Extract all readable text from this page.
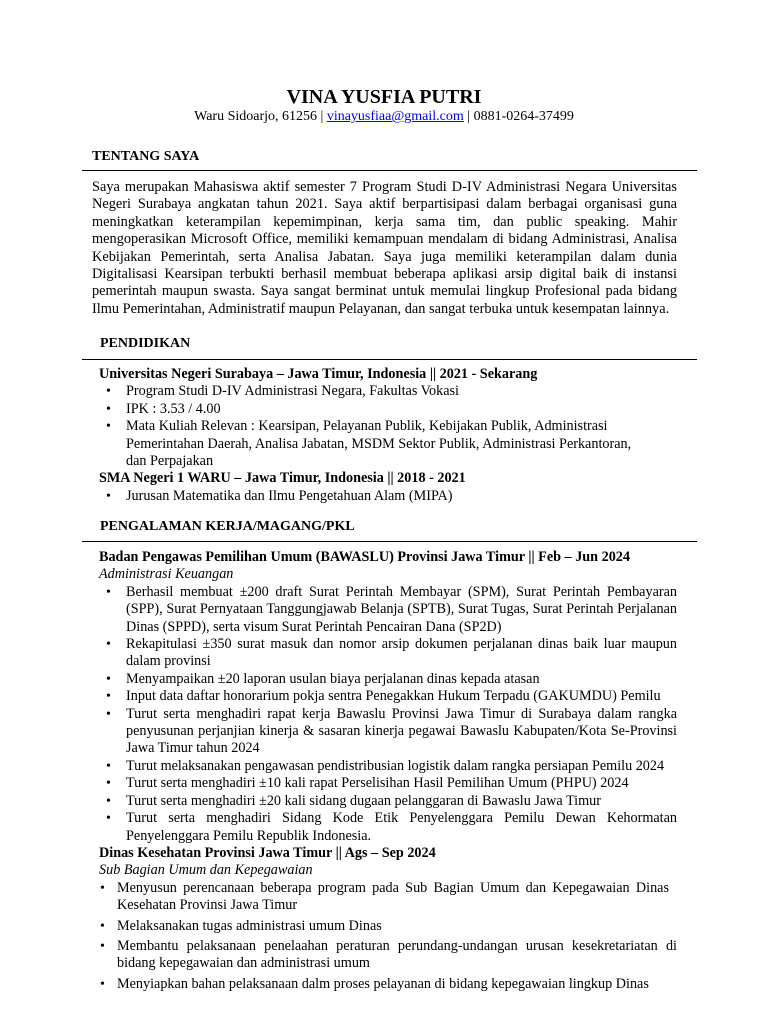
VINA YUSFIA PUTRI
Waru Sidoarjo, 61256 | vinayusfiaa@gmail.com | 0881-0264-37499
TENTANG SAYA
Saya merupakan Mahasiswa aktif semester 7 Program Studi D-IV Administrasi Negara Universitas Negeri Surabaya angkatan tahun 2021. Saya aktif berpartisipasi dalam berbagai organisasi guna meningkatkan keterampilan kepemimpinan, kerja sama tim, dan public speaking. Mahir mengoperasikan Microsoft Office, memiliki kemampuan mendalam di bidang Administrasi, Analisa Kebijakan Pemerintah, serta Analisa Jabatan. Saya juga memiliki keterampilan dalam dunia Digitalisasi Kearsipan terbukti berhasil membuat beberapa aplikasi arsip digital baik di instansi pemerintah maupun swasta. Saya sangat berminat untuk memulai lingkup Profesional pada bidang Ilmu Pemerintahan, Administratif maupun Pelayanan, dan sangat terbuka untuk kesempatan lainnya.
PENDIDIKAN
Universitas Negeri Surabaya – Jawa Timur, Indonesia || 2021 - Sekarang
• Program Studi D-IV Administrasi Negara, Fakultas Vokasi
• IPK : 3.53 / 4.00
• Mata Kuliah Relevan : Kearsipan, Pelayanan Publik, Kebijakan Publik, Administrasi Pemerintahan Daerah, Analisa Jabatan, MSDM Sektor Publik, Administrasi Perkantoran, dan Perpajakan
SMA Negeri 1 WARU – Jawa Timur, Indonesia || 2018 - 2021
• Jurusan Matematika dan Ilmu Pengetahuan Alam (MIPA)
PENGALAMAN KERJA/MAGANG/PKL
Badan Pengawas Pemilihan Umum (BAWASLU) Provinsi Jawa Timur || Feb – Jun 2024
Administrasi Keuangan
• Berhasil membuat ±200 draft Surat Perintah Membayar (SPM), Surat Perintah Pembayaran (SPP), Surat Pernyataan Tanggungjawab Belanja (SPTB), Surat Tugas, Surat Perintah Perjalanan Dinas (SPPD), serta visum Surat Perintah Pencairan Dana (SP2D)
• Rekapitulasi ±350 surat masuk dan nomor arsip dokumen perjalanan dinas baik luar maupun dalam provinsi
• Menyampaikan ±20 laporan usulan biaya perjalanan dinas kepada atasan
• Input data daftar honorarium pokja sentra Penegakkan Hukum Terpadu (GAKUMDU) Pemilu
• Turut serta menghadiri rapat kerja Bawaslu Provinsi Jawa Timur di Surabaya dalam rangka penyusunan perjanjian kinerja & sasaran kinerja pegawai Bawaslu Kabupaten/Kota Se-Provinsi Jawa Timur tahun 2024
• Turut melaksanakan pengawasan pendistribusian logistik dalam rangka persiapan Pemilu 2024
• Turut serta menghadiri ±10 kali rapat Perselisihan Hasil Pemilihan Umum (PHPU) 2024
• Turut serta menghadiri ±20 kali sidang dugaan pelanggaran di Bawaslu Jawa Timur
• Turut serta menghadiri Sidang Kode Etik Penyelenggara Pemilu Dewan Kehormatan Penyelenggara Pemilu Republik Indonesia.
Dinas Kesehatan Provinsi Jawa Timur || Ags – Sep 2024
Sub Bagian Umum dan Kepegawaian
• Menyusun perencanaan beberapa program pada Sub Bagian Umum dan Kepegawaian Dinas Kesehatan Provinsi Jawa Timur
• Melaksanakan tugas administrasi umum Dinas
• Membantu pelaksanaan penelaahan peraturan perundang-undangan urusan kesekretariatan di bidang kepegawaian dan administrasi umum
• Menyiapkan bahan pelaksanaan dalm proses pelayanan di bidang kepegawaian lingkup Dinas
